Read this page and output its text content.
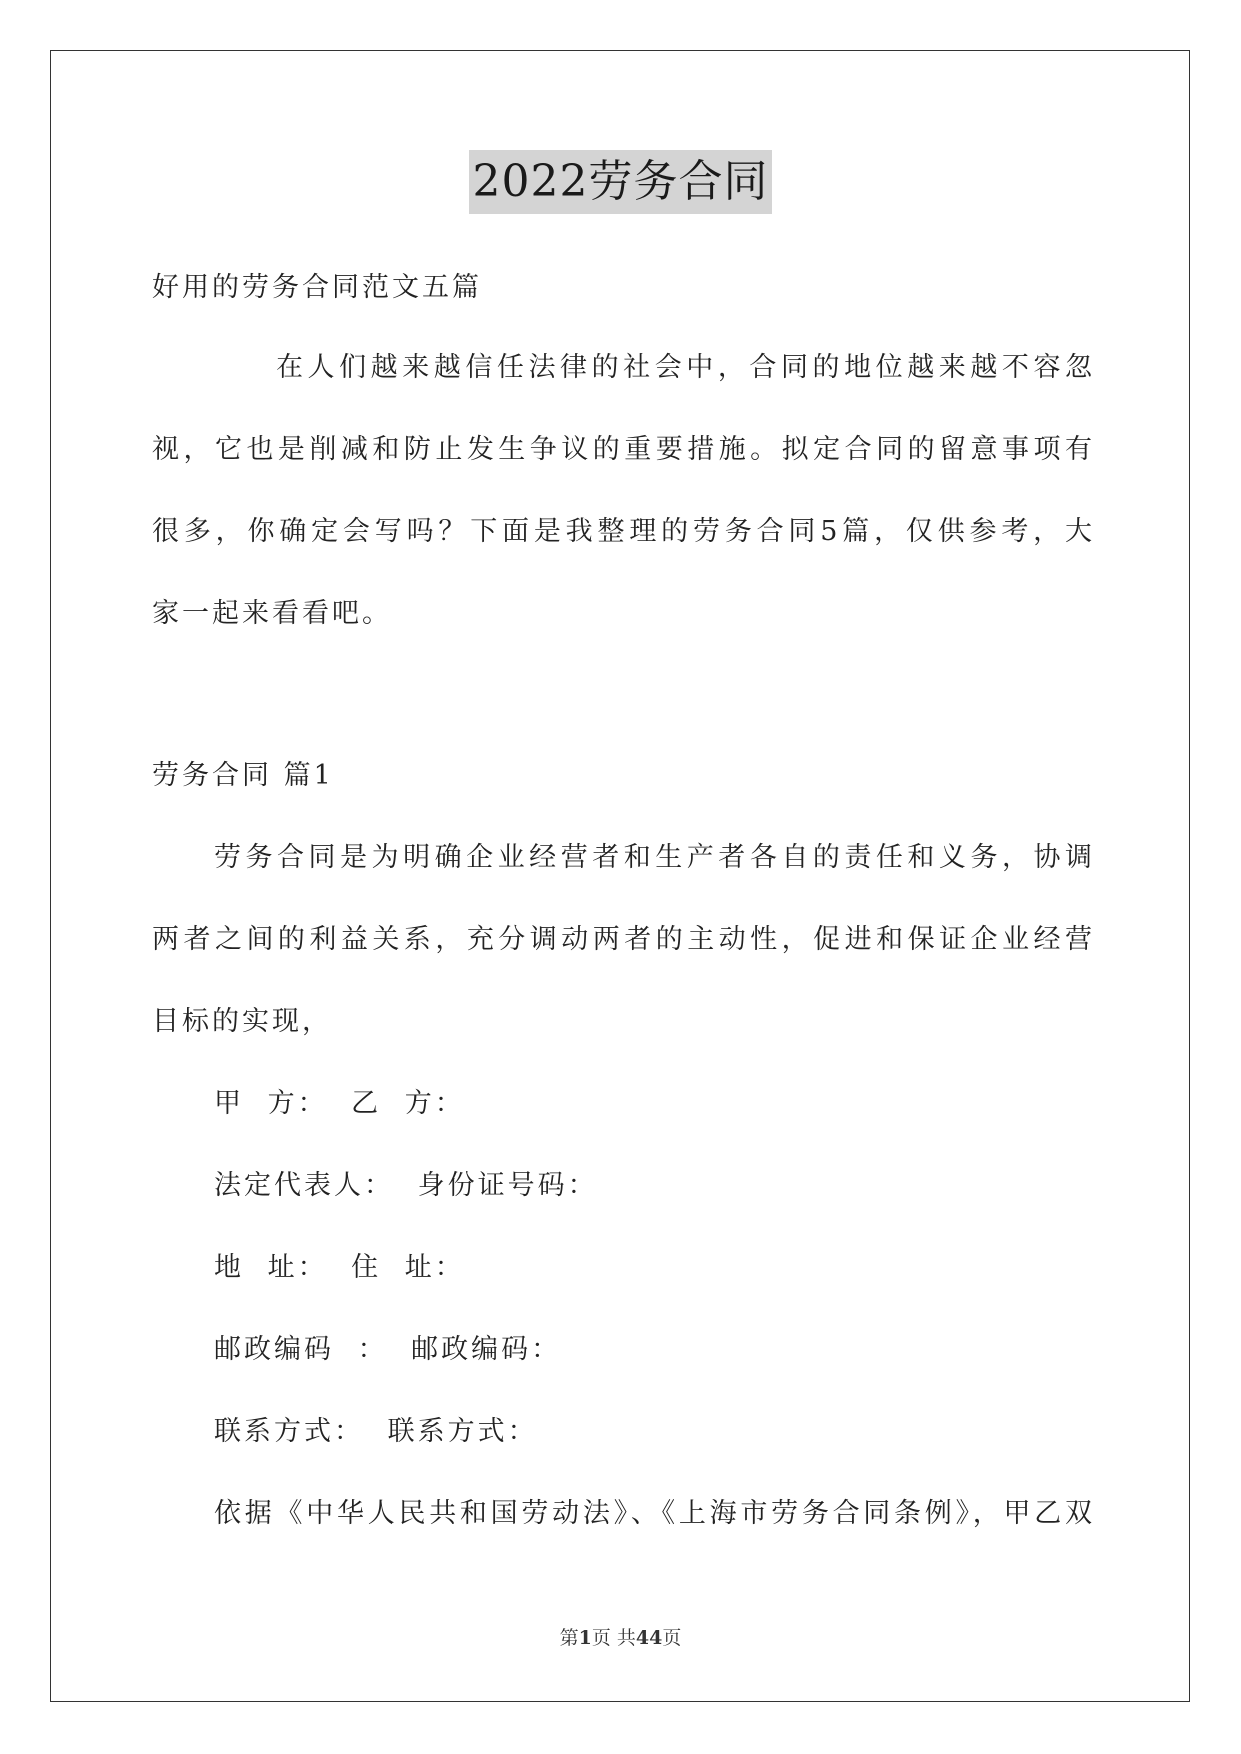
2022劳务合同
好用的劳务合同范文五篇
在人们越来越信任法律的社会中，合同的地位越来越不容忽
视，它也是削减和防止发生争议的重要措施。拟定合同的留意事项有
很多，你确定会写吗？下面是我整理的劳务合同5篇，仅供参考，大
家一起来看看吧。
劳务合同 篇1
劳务合同是为明确企业经营者和生产者各自的责任和义务，协调
两者之间的利益关系，充分调动两者的主动性，促进和保证企业经营
目标的实现，
甲 方： 乙 方：
法定代表人： 身份证号码：
地 址： 住 址：
邮政编码 ： 邮政编码：
联系方式： 联系方式：
依据《中华人民共和国劳动法》、《上海市劳务合同条例》，甲乙双
第1页 共44页
